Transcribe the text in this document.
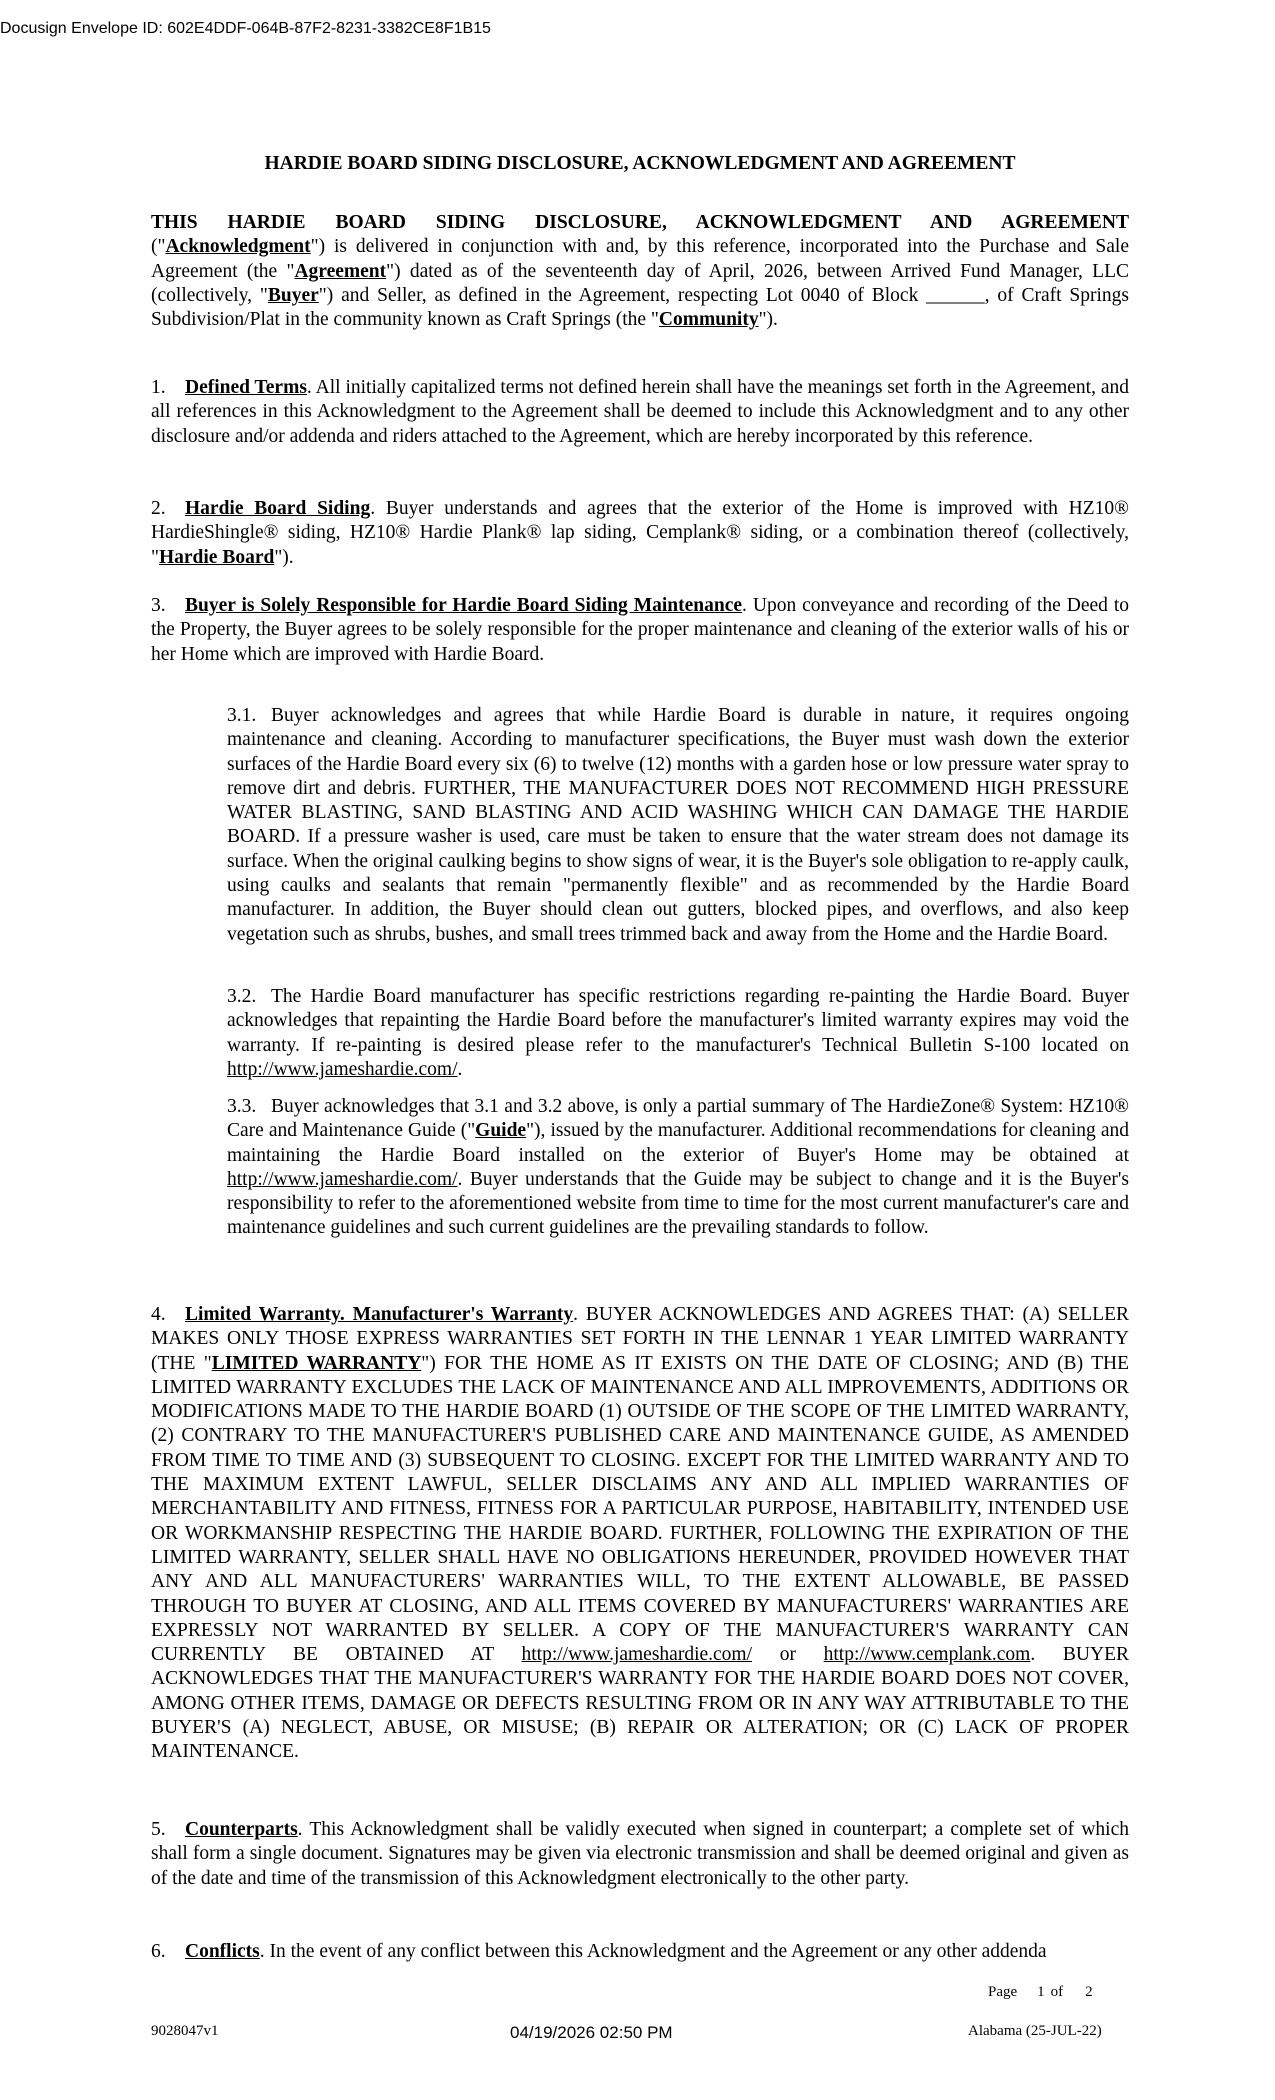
Docusign Envelope ID: 602E4DDF-064B-87F2-8231-3382CE8F1B15
HARDIE BOARD SIDING DISCLOSURE, ACKNOWLEDGMENT AND AGREEMENT
THIS HARDIE BOARD SIDING DISCLOSURE, ACKNOWLEDGMENT AND AGREEMENT
("Acknowledgment") is delivered in conjunction with and, by this reference, incorporated into the Purchase and Sale Agreement (the "Agreement") dated as of the seventeenth day of April, 2026, between Arrived Fund Manager, LLC (collectively, "Buyer") and Seller, as defined in the Agreement, respecting Lot 0040 of Block ______, of Craft Springs Subdivision/Plat in the community known as Craft Springs (the "Community").
1. Defined Terms. All initially capitalized terms not defined herein shall have the meanings set forth in the Agreement, and all references in this Acknowledgment to the Agreement shall be deemed to include this Acknowledgment and to any other disclosure and/or addenda and riders attached to the Agreement, which are hereby incorporated by this reference.
2. Hardie Board Siding. Buyer understands and agrees that the exterior of the Home is improved with HZ10® HardieShingle® siding, HZ10® Hardie Plank® lap siding, Cemplank® siding, or a combination thereof (collectively, "Hardie Board").
3. Buyer is Solely Responsible for Hardie Board Siding Maintenance. Upon conveyance and recording of the Deed to the Property, the Buyer agrees to be solely responsible for the proper maintenance and cleaning of the exterior walls of his or her Home which are improved with Hardie Board.
3.1. Buyer acknowledges and agrees that while Hardie Board is durable in nature, it requires ongoing maintenance and cleaning. According to manufacturer specifications, the Buyer must wash down the exterior surfaces of the Hardie Board every six (6) to twelve (12) months with a garden hose or low pressure water spray to remove dirt and debris. FURTHER, THE MANUFACTURER DOES NOT RECOMMEND HIGH PRESSURE WATER BLASTING, SAND BLASTING AND ACID WASHING WHICH CAN DAMAGE THE HARDIE BOARD. If a pressure washer is used, care must be taken to ensure that the water stream does not damage its surface. When the original caulking begins to show signs of wear, it is the Buyer's sole obligation to re-apply caulk, using caulks and sealants that remain "permanently flexible" and as recommended by the Hardie Board manufacturer. In addition, the Buyer should clean out gutters, blocked pipes, and overflows, and also keep vegetation such as shrubs, bushes, and small trees trimmed back and away from the Home and the Hardie Board.
3.2. The Hardie Board manufacturer has specific restrictions regarding re-painting the Hardie Board. Buyer acknowledges that repainting the Hardie Board before the manufacturer's limited warranty expires may void the warranty. If re-painting is desired please refer to the manufacturer's Technical Bulletin S-100 located on http://www.jameshardie.com/.
3.3. Buyer acknowledges that 3.1 and 3.2 above, is only a partial summary of The HardieZone® System: HZ10® Care and Maintenance Guide ("Guide"), issued by the manufacturer. Additional recommendations for cleaning and maintaining the Hardie Board installed on the exterior of Buyer's Home may be obtained at http://www.jameshardie.com/. Buyer understands that the Guide may be subject to change and it is the Buyer's responsibility to refer to the aforementioned website from time to time for the most current manufacturer's care and maintenance guidelines and such current guidelines are the prevailing standards to follow.
4. Limited Warranty. Manufacturer's Warranty. BUYER ACKNOWLEDGES AND AGREES THAT: (A) SELLER MAKES ONLY THOSE EXPRESS WARRANTIES SET FORTH IN THE LENNAR 1 YEAR LIMITED WARRANTY (THE "LIMITED WARRANTY") FOR THE HOME AS IT EXISTS ON THE DATE OF CLOSING; AND (B) THE LIMITED WARRANTY EXCLUDES THE LACK OF MAINTENANCE AND ALL IMPROVEMENTS, ADDITIONS OR MODIFICATIONS MADE TO THE HARDIE BOARD (1) OUTSIDE OF THE SCOPE OF THE LIMITED WARRANTY, (2) CONTRARY TO THE MANUFACTURER'S PUBLISHED CARE AND MAINTENANCE GUIDE, AS AMENDED FROM TIME TO TIME AND (3) SUBSEQUENT TO CLOSING. EXCEPT FOR THE LIMITED WARRANTY AND TO THE MAXIMUM EXTENT LAWFUL, SELLER DISCLAIMS ANY AND ALL IMPLIED WARRANTIES OF MERCHANTABILITY AND FITNESS, FITNESS FOR A PARTICULAR PURPOSE, HABITABILITY, INTENDED USE OR WORKMANSHIP RESPECTING THE HARDIE BOARD. FURTHER, FOLLOWING THE EXPIRATION OF THE LIMITED WARRANTY, SELLER SHALL HAVE NO OBLIGATIONS HEREUNDER, PROVIDED HOWEVER THAT ANY AND ALL MANUFACTURERS' WARRANTIES WILL, TO THE EXTENT ALLOWABLE, BE PASSED THROUGH TO BUYER AT CLOSING, AND ALL ITEMS COVERED BY MANUFACTURERS' WARRANTIES ARE EXPRESSLY NOT WARRANTED BY SELLER. A COPY OF THE MANUFACTURER'S WARRANTY CAN CURRENTLY BE OBTAINED AT http://www.jameshardie.com/ or http://www.cemplank.com. BUYER ACKNOWLEDGES THAT THE MANUFACTURER'S WARRANTY FOR THE HARDIE BOARD DOES NOT COVER, AMONG OTHER ITEMS, DAMAGE OR DEFECTS RESULTING FROM OR IN ANY WAY ATTRIBUTABLE TO THE BUYER'S (A) NEGLECT, ABUSE, OR MISUSE; (B) REPAIR OR ALTERATION; OR (C) LACK OF PROPER MAINTENANCE.
5. Counterparts. This Acknowledgment shall be validly executed when signed in counterpart; a complete set of which shall form a single document. Signatures may be given via electronic transmission and shall be deemed original and given as of the date and time of the transmission of this Acknowledgment electronically to the other party.
6. Conflicts. In the event of any conflict between this Acknowledgment and the Agreement or any other addenda
Page 1 of 2
9028047v1	04/19/2026 02:50 PM	Alabama (25-JUL-22)
